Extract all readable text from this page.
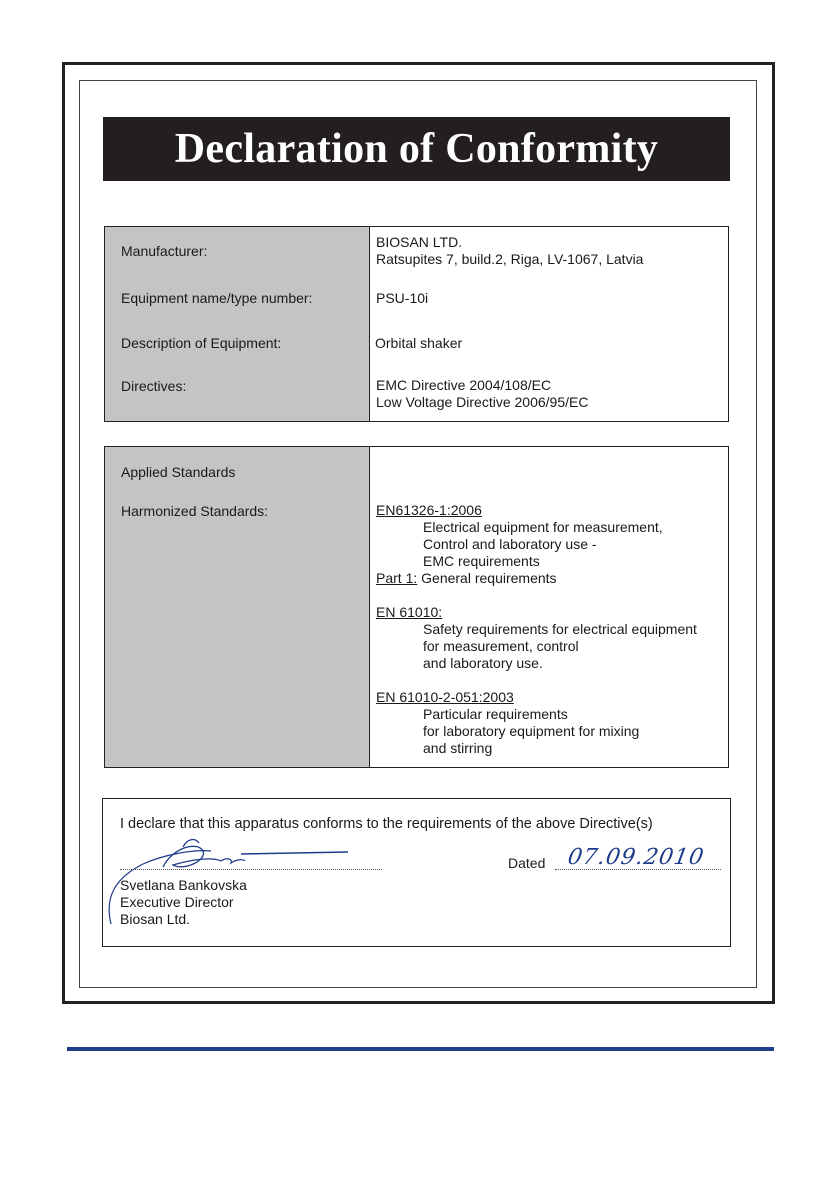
Declaration of Conformity
Manufacturer:
Equipment name/type number:
Description of Equipment:
Directives:
BIOSAN LTD.
Ratsupites 7, build.2, Riga, LV-1067, Latvia
PSU-10i
Orbital shaker
EMC Directive 2004/108/EC
Low Voltage Directive 2006/95/EC
Applied Standards
Harmonized Standards:	EN61326-1:2006
Electrical equipment for measurement,
Control and laboratory use -
EMC requirements
Part 1: General requirements
EN 61010:
Safety requirements for electrical equipment
for measurement, control
and laboratory use.
EN 61010-2-051:2003
Particular requirements
for laboratory equipment for mixing
and stirring
I declare that this apparatus conforms to the requirements of the above Directive(s)
Dated 07.09.2010
Svetlana Bankovska
Executive Director
Biosan Ltd.
